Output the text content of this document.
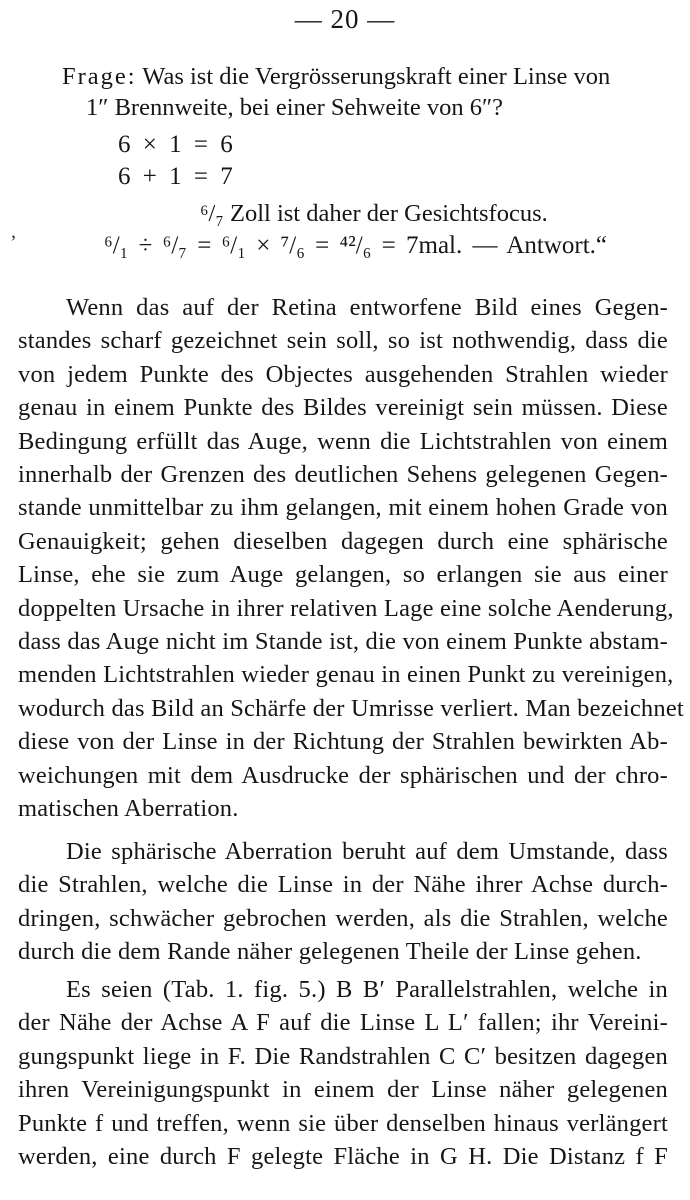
— 20 —
Frage: Was ist die Vergrösserungskraft einer Linse von
1″ Brennweite, bei einer Sehweite von 6″?
6 × 1 = 6
6 + 1 = 7
⁶/₇ Zoll ist daher der Gesichtsfocus.
⁶/₁ ÷ ⁶/₇ = ⁶/₁ × ⁷/₆ = ⁴²/₆ = 7mal. — Antwort.“
ʼ
Wenn das auf der Retina entworfene Bild eines Gegen-
standes scharf gezeichnet sein soll, so ist nothwendig, dass die
von jedem Punkte des Objectes ausgehenden Strahlen wieder
genau in einem Punkte des Bildes vereinigt sein müssen. Diese
Bedingung erfüllt das Auge, wenn die Lichtstrahlen von einem
innerhalb der Grenzen des deutlichen Sehens gelegenen Gegen-
stande unmittelbar zu ihm gelangen, mit einem hohen Grade von
Genauigkeit; gehen dieselben dagegen durch eine sphärische
Linse, ehe sie zum Auge gelangen, so erlangen sie aus einer
doppelten Ursache in ihrer relativen Lage eine solche Aenderung,
dass das Auge nicht im Stande ist, die von einem Punkte abstam-
menden Lichtstrahlen wieder genau in einen Punkt zu vereinigen,
wodurch das Bild an Schärfe der Umrisse verliert. Man bezeichnet
diese von der Linse in der Richtung der Strahlen bewirkten Ab-
weichungen mit dem Ausdrucke der sphärischen und der chro-
matischen Aberration.
Die sphärische Aberration beruht auf dem Umstande, dass
die Strahlen, welche die Linse in der Nähe ihrer Achse durch-
dringen, schwächer gebrochen werden, als die Strahlen, welche
durch die dem Rande näher gelegenen Theile der Linse gehen.
Es seien (Tab. 1. fig. 5.) B B′ Parallelstrahlen, welche in
der Nähe der Achse A F auf die Linse L L′ fallen; ihr Vereini-
gungspunkt liege in F. Die Randstrahlen C C′ besitzen dagegen
ihren Vereinigungspunkt in einem der Linse näher gelegenen
Punkte f und treffen, wenn sie über denselben hinaus verlängert
werden, eine durch F gelegte Fläche in G H. Die Distanz f F
